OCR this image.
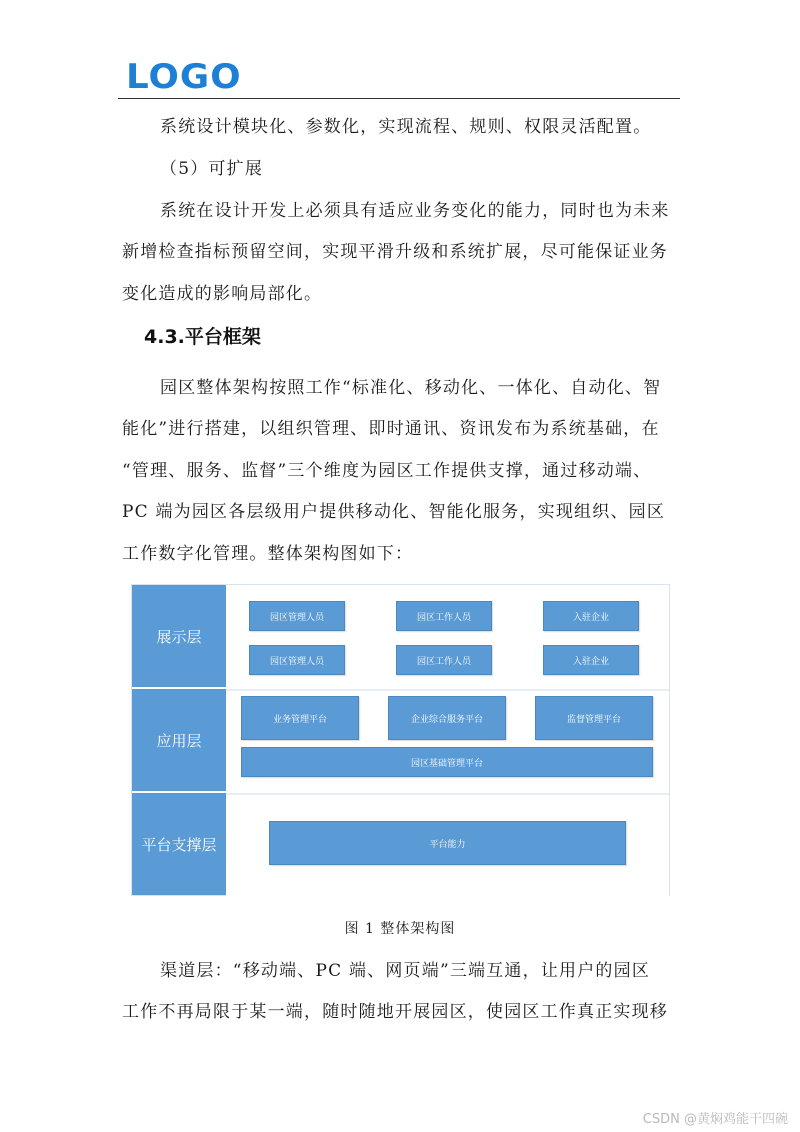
LOGO
系统设计模块化、参数化，实现流程、规则、权限灵活配置。
（5）可扩展
系统在设计开发上必须具有适应业务变化的能力，同时也为未来
新增检查指标预留空间，实现平滑升级和系统扩展，尽可能保证业务
变化造成的影响局部化。
4.3.平台框架
园区整体架构按照工作“标准化、移动化、一体化、自动化、智
能化”进行搭建，以组织管理、即时通讯、资讯发布为系统基础，在
“管理、服务、监督”三个维度为园区工作提供支撑，通过移动端、
PC 端为园区各层级用户提供移动化、智能化服务，实现组织、园区
工作数字化管理。整体架构图如下：
展示层
应用层
平台支撑层
园区管理人员	园区工作人员	入驻企业
园区管理人员	园区工作人员	入驻企业
业务管理平台	企业综合服务平台	监督管理平台
园区基础管理平台
平台能力
图 1 整体架构图
渠道层：“移动端、PC 端、网页端”三端互通，让用户的园区
工作不再局限于某一端，随时随地开展园区，使园区工作真正实现移
CSDN @黄焖鸡能干四碗
